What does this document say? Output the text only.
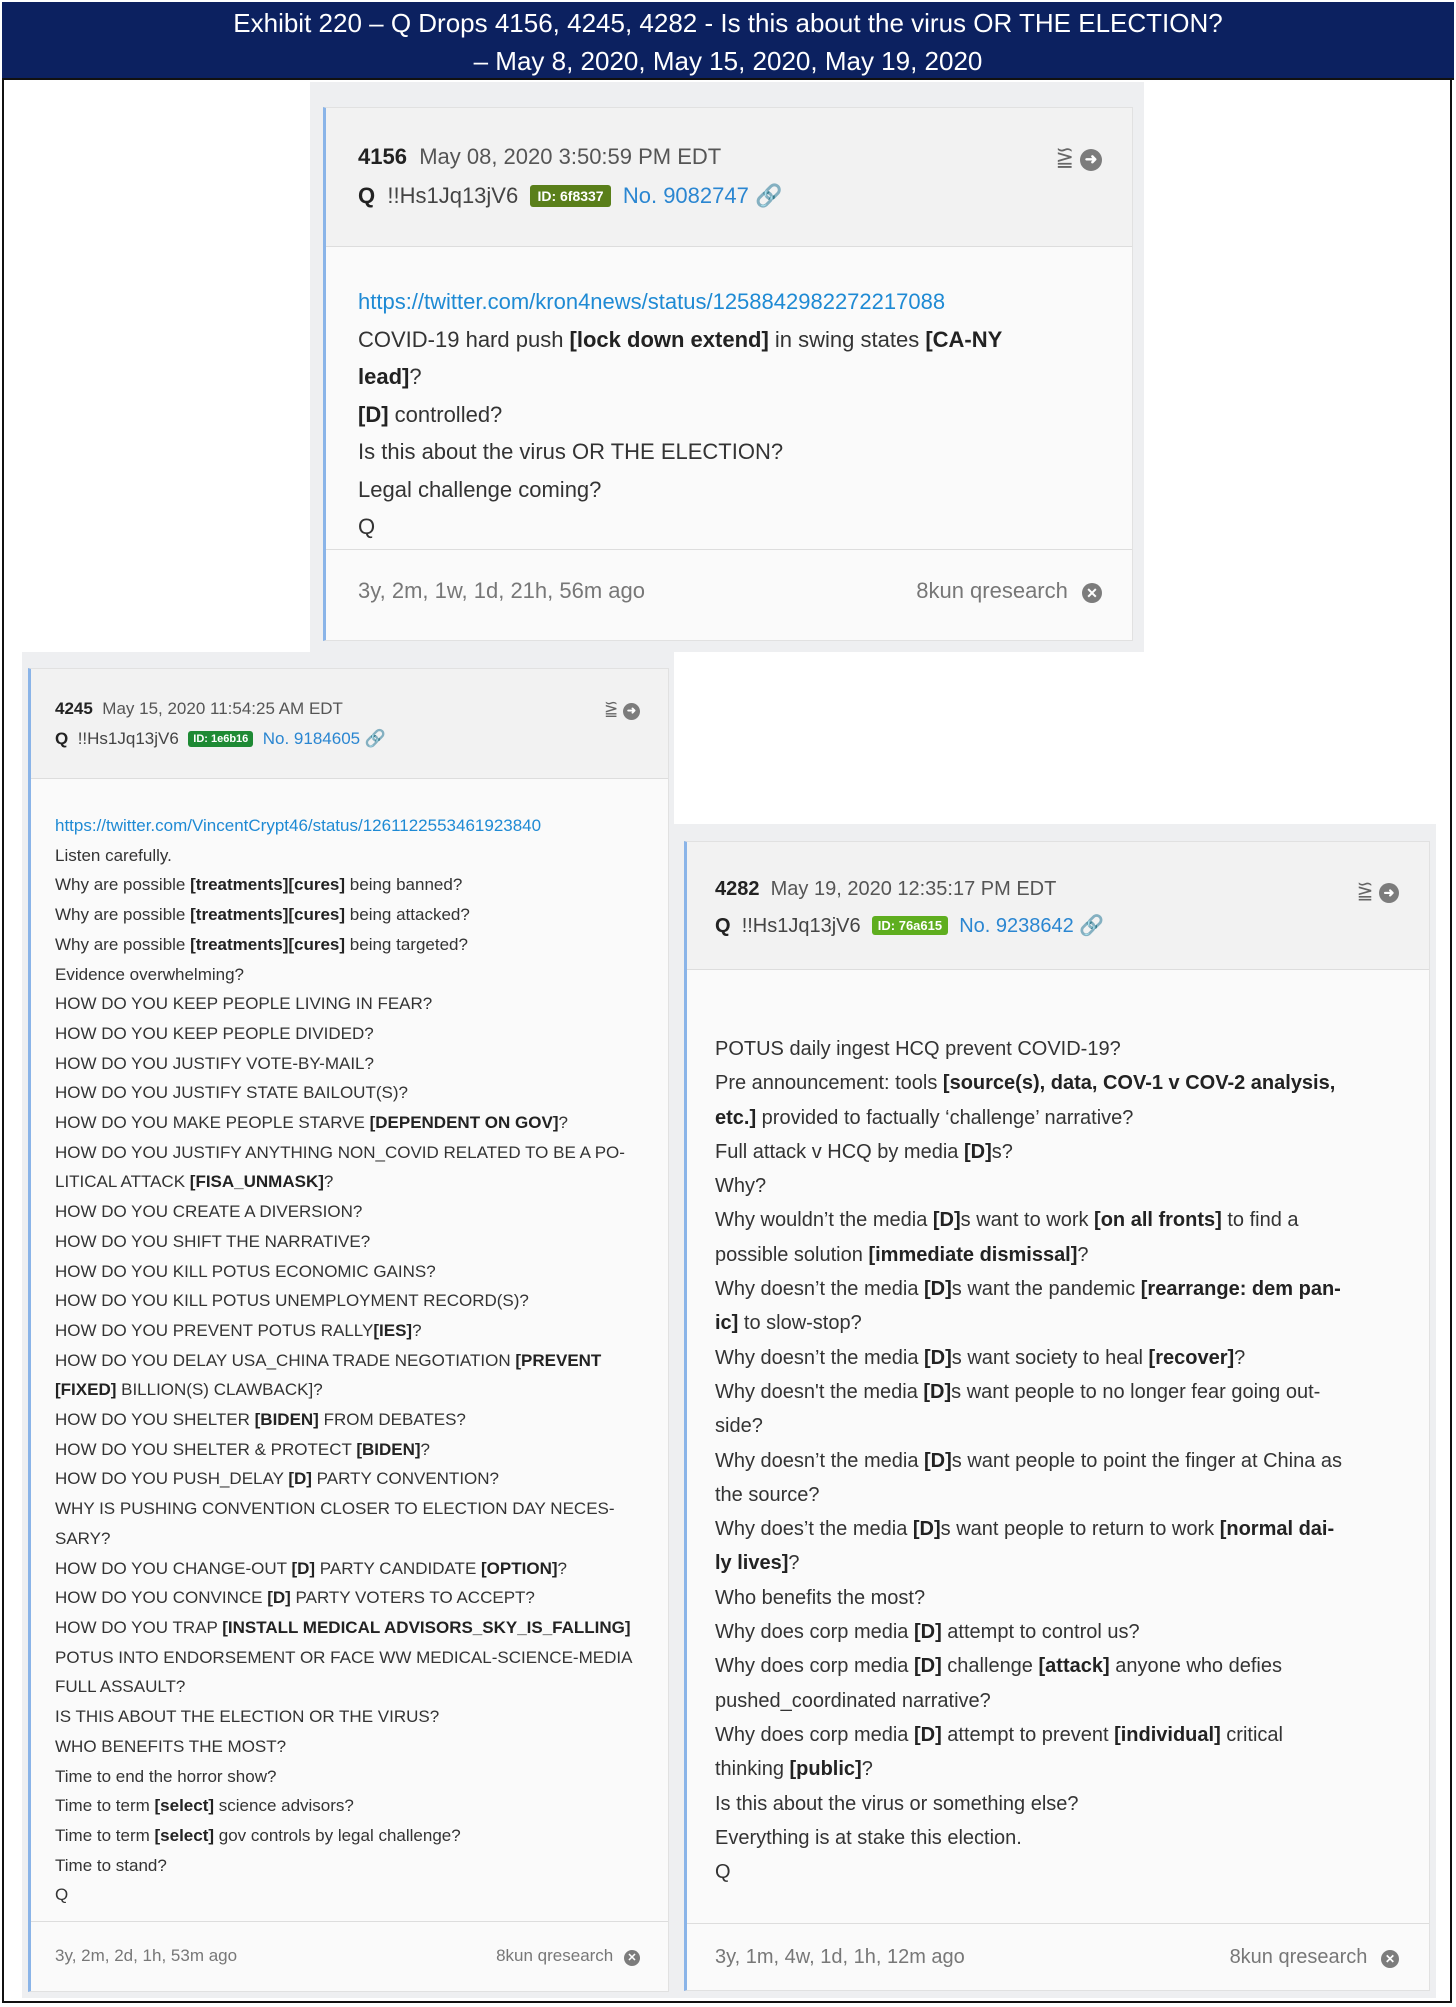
Exhibit 220 – Q Drops 4156, 4245, 4282 - Is this about the virus OR THE ELECTION?
– May 8, 2020, May 15, 2020, May 19, 2020
4156 May 08, 2020 3:50:59 PM EDT
Q !!Hs1Jq13jV6 ID: 6f8337 No. 9082747 🔗
⪠ ➜
https://twitter.com/kron4news/status/1258842982272217088
COVID-19 hard push [lock down extend] in swing states [CA-NY
lead]?
[D] controlled?
Is this about the virus OR THE ELECTION?
Legal challenge coming?
Q
3y, 2m, 1w, 1d, 21h, 56m ago	8kun qresearch ✕
4245 May 15, 2020 11:54:25 AM EDT
Q !!Hs1Jq13jV6 ID: 1e6b16 No. 9184605 🔗
⪠ ➜
https://twitter.com/VincentCrypt46/status/1261122553461923840
Listen carefully.
Why are possible [treatments][cures] being banned?
Why are possible [treatments][cures] being attacked?
Why are possible [treatments][cures] being targeted?
Evidence overwhelming?
HOW DO YOU KEEP PEOPLE LIVING IN FEAR?
HOW DO YOU KEEP PEOPLE DIVIDED?
HOW DO YOU JUSTIFY VOTE-BY-MAIL?
HOW DO YOU JUSTIFY STATE BAILOUT(S)?
HOW DO YOU MAKE PEOPLE STARVE [DEPENDENT ON GOV]?
HOW DO YOU JUSTIFY ANYTHING NON_COVID RELATED TO BE A PO-
LITICAL ATTACK [FISA_UNMASK]?
HOW DO YOU CREATE A DIVERSION?
HOW DO YOU SHIFT THE NARRATIVE?
HOW DO YOU KILL POTUS ECONOMIC GAINS?
HOW DO YOU KILL POTUS UNEMPLOYMENT RECORD(S)?
HOW DO YOU PREVENT POTUS RALLY[IES]?
HOW DO YOU DELAY USA_CHINA TRADE NEGOTIATION [PREVENT
[FIXED] BILLION(S) CLAWBACK]?
HOW DO YOU SHELTER [BIDEN] FROM DEBATES?
HOW DO YOU SHELTER & PROTECT [BIDEN]?
HOW DO YOU PUSH_DELAY [D] PARTY CONVENTION?
WHY IS PUSHING CONVENTION CLOSER TO ELECTION DAY NECES-
SARY?
HOW DO YOU CHANGE-OUT [D] PARTY CANDIDATE [OPTION]?
HOW DO YOU CONVINCE [D] PARTY VOTERS TO ACCEPT?
HOW DO YOU TRAP [INSTALL MEDICAL ADVISORS_SKY_IS_FALLING]
POTUS INTO ENDORSEMENT OR FACE WW MEDICAL-SCIENCE-MEDIA
FULL ASSAULT?
IS THIS ABOUT THE ELECTION OR THE VIRUS?
WHO BENEFITS THE MOST?
Time to end the horror show?
Time to term [select] science advisors?
Time to term [select] gov controls by legal challenge?
Time to stand?
Q
3y, 2m, 2d, 1h, 53m ago	8kun qresearch ✕
4282 May 19, 2020 12:35:17 PM EDT
Q !!Hs1Jq13jV6 ID: 76a615 No. 9238642 🔗
⪠ ➜
POTUS daily ingest HCQ prevent COVID-19?
Pre announcement: tools [source(s), data, COV-1 v COV-2 analysis,
etc.] provided to factually ‘challenge’ narrative?
Full attack v HCQ by media [D]s?
Why?
Why wouldn’t the media [D]s want to work [on all fronts] to find a
possible solution [immediate dismissal]?
Why doesn’t the media [D]s want the pandemic [rearrange: dem pan-
ic] to slow-stop?
Why doesn’t the media [D]s want society to heal [recover]?
Why doesn't the media [D]s want people to no longer fear going out-
side?
Why doesn’t the media [D]s want people to point the finger at China as
the source?
Why does’t the media [D]s want people to return to work [normal dai-
ly lives]?
Who benefits the most?
Why does corp media [D] attempt to control us?
Why does corp media [D] challenge [attack] anyone who defies
pushed_coordinated narrative?
Why does corp media [D] attempt to prevent [individual] critical
thinking [public]?
Is this about the virus or something else?
Everything is at stake this election.
Q
3y, 1m, 4w, 1d, 1h, 12m ago	8kun qresearch ✕
